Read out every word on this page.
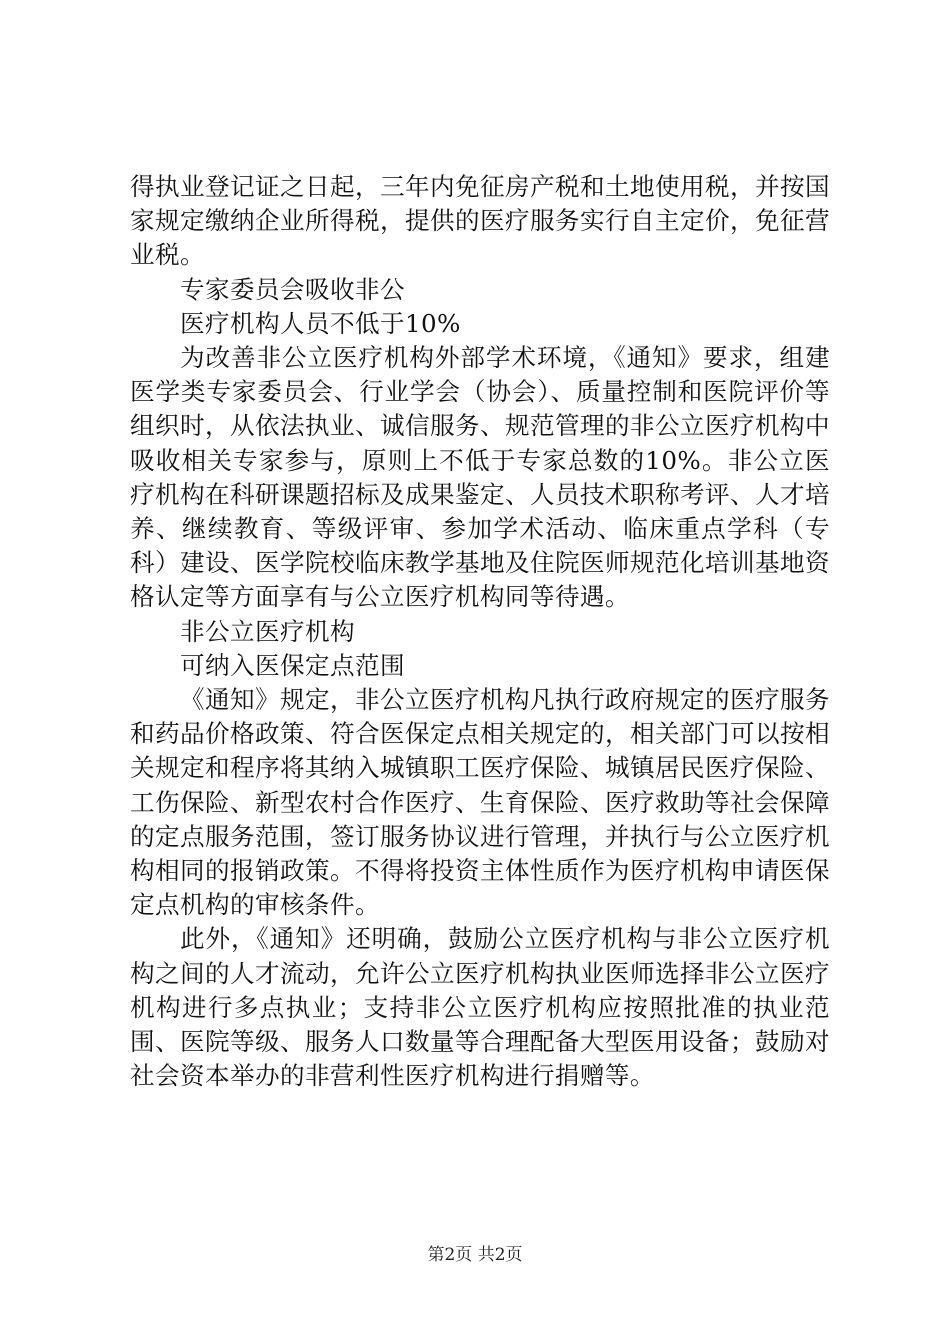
得执业登记证之日起，三年内免征房产税和土地使用税，并按国家规定缴纳企业所得税，提供的医疗服务实行自主定价，免征营业税。

专家委员会吸收非公

医疗机构人员不低于10%

为改善非公立医疗机构外部学术环境，《通知》要求，组建医学类专家委员会、行业学会（协会）、质量控制和医院评价等组织时，从依法执业、诚信服务、规范管理的非公立医疗机构中吸收相关专家参与，原则上不低于专家总数的10%。非公立医疗机构在科研课题招标及成果鉴定、人员技术职称考评、人才培养、继续教育、等级评审、参加学术活动、临床重点学科（专科）建设、医学院校临床教学基地及住院医师规范化培训基地资格认定等方面享有与公立医疗机构同等待遇。

非公立医疗机构

可纳入医保定点范围

《通知》规定，非公立医疗机构凡执行政府规定的医疗服务和药品价格政策、符合医保定点相关规定的，相关部门可以按相关规定和程序将其纳入城镇职工医疗保险、城镇居民医疗保险、工伤保险、新型农村合作医疗、生育保险、医疗救助等社会保障的定点服务范围，签订服务协议进行管理，并执行与公立医疗机构相同的报销政策。不得将投资主体性质作为医疗机构申请医保定点机构的审核条件。

此外，《通知》还明确，鼓励公立医疗机构与非公立医疗机构之间的人才流动，允许公立医疗机构执业医师选择非公立医疗机构进行多点执业；支持非公立医疗机构应按照批准的执业范围、医院等级、服务人口数量等合理配备大型医用设备；鼓励对社会资本举办的非营利性医疗机构进行捐赠等。

第2页 共2页
